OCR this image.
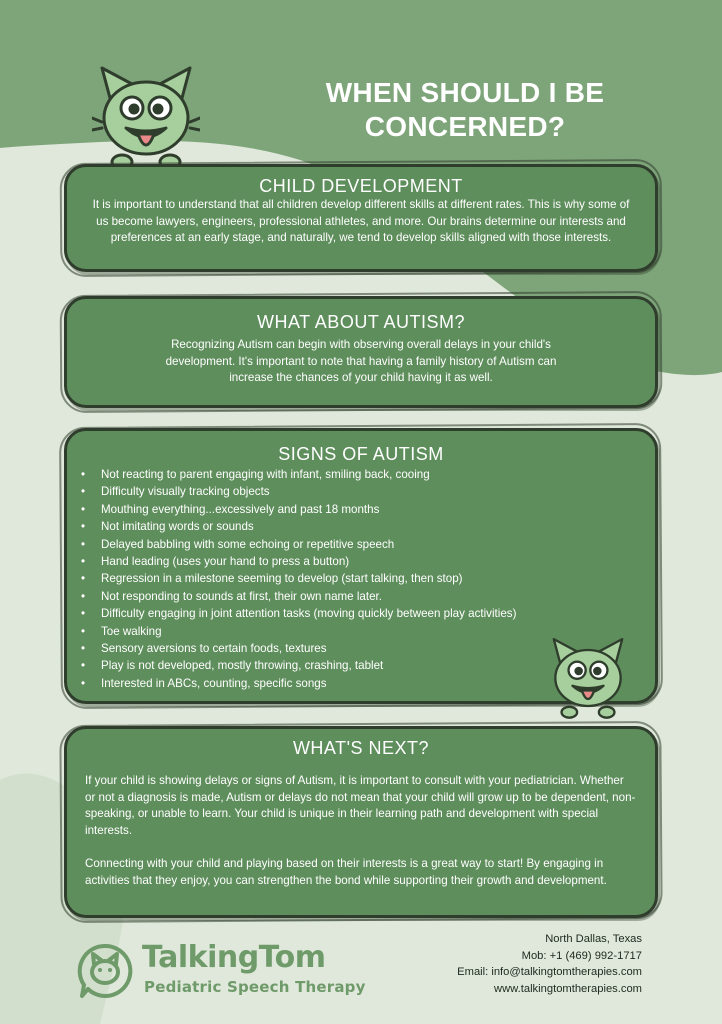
WHEN SHOULD I BE CONCERNED?
CHILD DEVELOPMENT

It is important to understand that all children develop different skills at different rates. This is why some of us become lawyers, engineers, professional athletes, and more. Our brains determine our interests and preferences at an early stage, and naturally, we tend to develop skills aligned with those interests.

WHAT ABOUT AUTISM?

Recognizing Autism can begin with observing overall delays in your child's development. It's important to note that having a family history of Autism can increase the chances of your child having it as well.

SIGNS OF AUTISM
• Not reacting to parent engaging with infant, smiling back, cooing
• Difficulty visually tracking objects
• Mouthing everything...excessively and past 18 months
• Not imitating words or sounds
• Delayed babbling with some echoing or repetitive speech
• Hand leading (uses your hand to press a button)
• Regression in a milestone seeming to develop (start talking, then stop)
• Not responding to sounds at first, their own name later.
• Difficulty engaging in joint attention tasks (moving quickly between play activities)
• Toe walking
• Sensory aversions to certain foods, textures
• Play is not developed, mostly throwing, crashing, tablet
• Interested in ABCs, counting, specific songs
WHAT'S NEXT?

If your child is showing delays or signs of Autism, it is important to consult with your pediatrician. Whether or not a diagnosis is made, Autism or delays do not mean that your child will grow up to be dependent, non-speaking, or unable to learn. Your child is unique in their learning path and development with special interests.

Connecting with your child and playing based on their interests is a great way to start! By engaging in activities that they enjoy, you can strengthen the bond while supporting their growth and development.

TalkingTom
Pediatric Speech Therapy
North Dallas, Texas
Mob: +1 (469) 992-1717
Email: info@talkingtomtherapies.com
www.talkingtomtherapies.com
